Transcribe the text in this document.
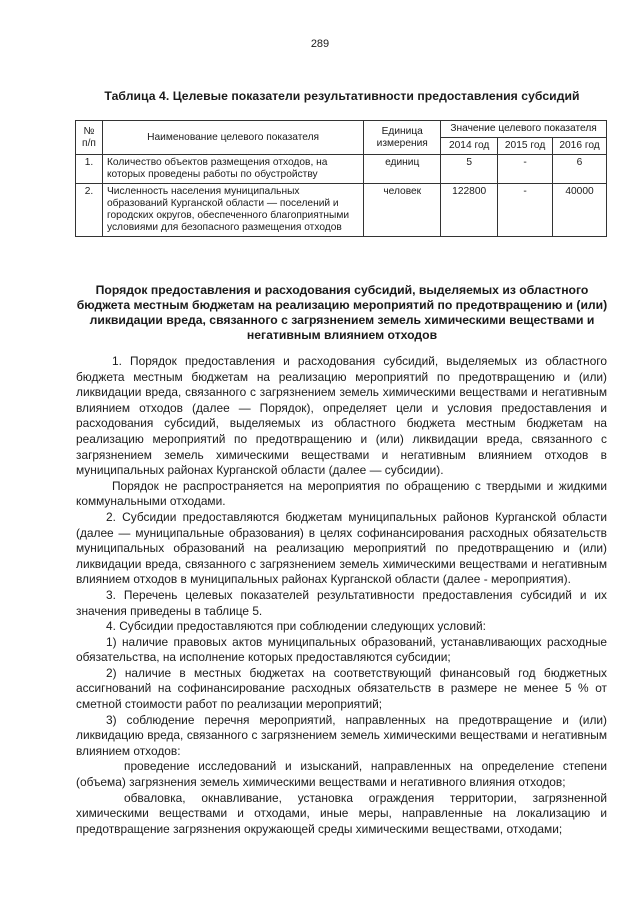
289
Таблица 4. Целевые показатели результативности предоставления субсидий
№ п/п	Наименование целевого показателя	Единица измерения	Значение целевого показателя		
			2014 год	2015 год	2016 год
1.	Количество объектов размещения отходов, на которых проведены работы по обустройству	единиц	5	-	6
2.	Численность населения муниципальных образований Курганской области — поселений и городских округов, обеспеченного благоприятными условиями для безопасного размещения отходов	человек	122800	-	40000
Порядок предоставления и расходования субсидий, выделяемых из областного бюджета местным бюджетам на реализацию мероприятий по предотвращению и (или) ликвидации вреда, связанного с загрязнением земель химическими веществами и негативным влиянием отходов

1. Порядок предоставления и расходования субсидий, выделяемых из областного бюджета местным бюджетам на реализацию мероприятий по предотвращению и (или) ликвидации вреда, связанного с загрязнением земель химическими веществами и негативным влиянием отходов (далее — Порядок), определяет цели и условия предоставления и расходования субсидий, выделяемых из областного бюджета местным бюджетам на реализацию мероприятий по предотвращению и (или) ликвидации вреда, связанного с загрязнением земель химическими веществами и негативным влиянием отходов в муниципальных районах Курганской области (далее — субсидии).

Порядок не распространяется на мероприятия по обращению с твердыми и жидкими коммунальными отходами.

2. Субсидии предоставляются бюджетам муниципальных районов Курганской области (далее — муниципальные образования) в целях софинансирования расходных обязательств муниципальных образований на реализацию мероприятий по предотвращению и (или) ликвидации вреда, связанного с загрязнением земель химическими веществами и негативным влиянием отходов в муниципальных районах Курганской области (далее - мероприятия).

3. Перечень целевых показателей результативности предоставления субсидий и их значения приведены в таблице 5.

4. Субсидии предоставляются при соблюдении следующих условий:

1) наличие правовых актов муниципальных образований, устанавливающих расходные обязательства, на исполнение которых предоставляются субсидии;

2) наличие в местных бюджетах на соответствующий финансовый год бюджетных ассигнований на софинансирование расходных обязательств в размере не менее 5 % от сметной стоимости работ по реализации мероприятий;

3) соблюдение перечня мероприятий, направленных на предотвращение и (или) ликвидацию вреда, связанного с загрязнением земель химическими веществами и негативным влиянием отходов:

проведение исследований и изысканий, направленных на определение степени (объема) загрязнения земель химическими веществами и негативного влияния отходов;

обваловка, окнавливание, установка ограждения территории, загрязненной химическими веществами и отходами, иные меры, направленные на локализацию и предотвращение загрязнения окружающей среды химическими веществами, отходами;
